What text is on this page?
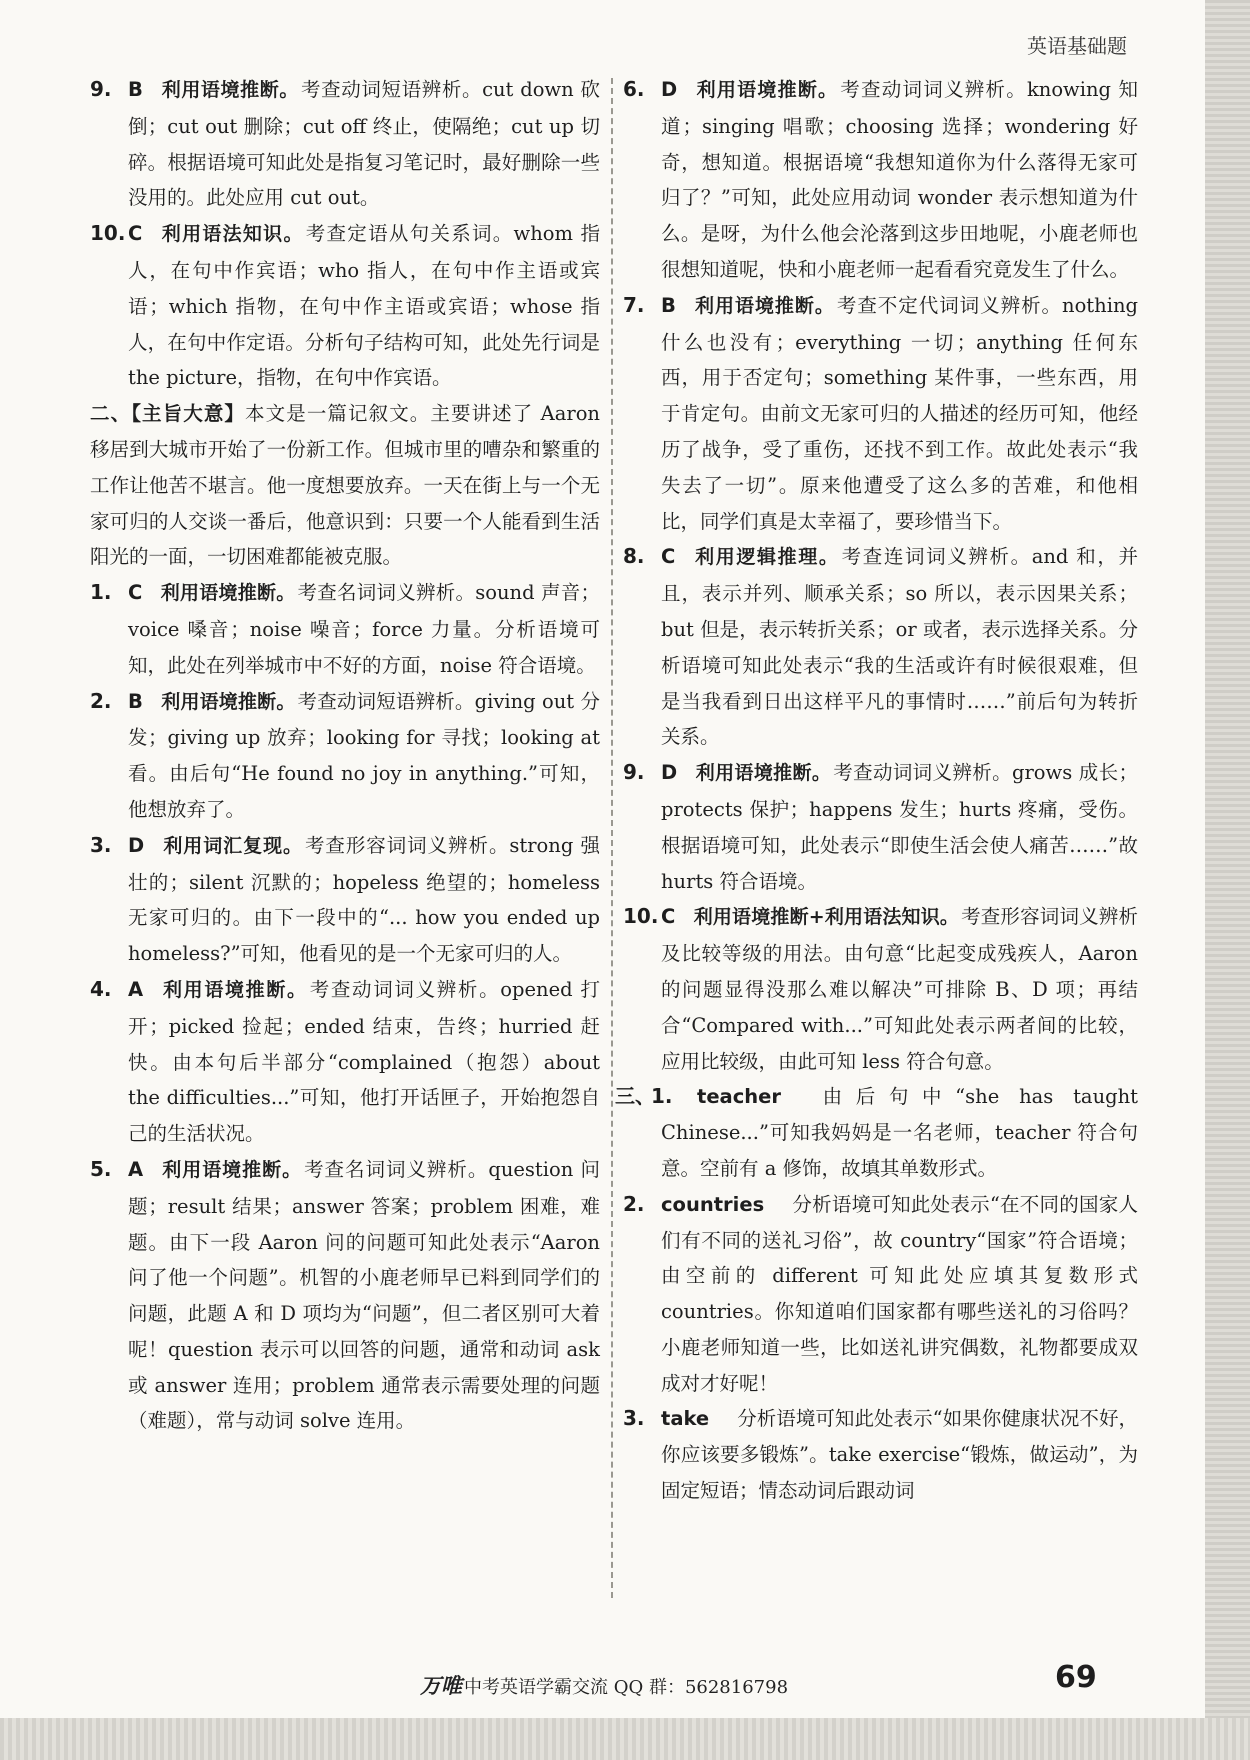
英语基础题

9. B 利用语境推断。 考查动词短语辨析。cut down 砍倒；cut out 删除；cut off 终止，使隔绝；cut up 切碎。根据语境可知此处是指复习笔记时，最好删除一些没用的。此处应用 cut out。

10. C 利用语法知识。 考查定语从句关系词。whom 指人，在句中作宾语；who 指人，在句中作主语或宾语；which 指物，在句中作主语或宾语；whose 指人，在句中作定语。分析句子结构可知，此处先行词是 the picture，指物，在句中作宾语。

二、【主旨大意】本文是一篇记叙文。主要讲述了 Aaron 移居到大城市开始了一份新工作。但城市里的嘈杂和繁重的工作让他苦不堪言。他一度想要放弃。一天在街上与一个无家可归的人交谈一番后，他意识到：只要一个人能看到生活阳光的一面，一切困难都能被克服。

1. C 利用语境推断。 考查名词词义辨析。sound 声音；voice 嗓音；noise 噪音；force 力量。分析语境可知，此处在列举城市中不好的方面，noise 符合语境。

2. B 利用语境推断。 考查动词短语辨析。giving out 分发；giving up 放弃；looking for 寻找；looking at 看。由后句“He found no joy in anything.”可知，他想放弃了。

3. D 利用词汇复现。 考查形容词词义辨析。strong 强壮的；silent 沉默的；hopeless 绝望的；homeless 无家可归的。由下一段中的“... how you ended up homeless?”可知，他看见的是一个无家可归的人。

4. A 利用语境推断。 考查动词词义辨析。opened 打开；picked 捡起；ended 结束，告终；hurried 赶快。由本句后半部分“complained（抱怨）about the difficulties...”可知，他打开话匣子，开始抱怨自己的生活状况。

5. A 利用语境推断。 考查名词词义辨析。question 问题；result 结果；answer 答案；problem 困难，难题。由下一段 Aaron 问的问题可知此处表示“Aaron 问了他一个问题”。机智的小鹿老师早已料到同学们的问题，此题 A 和 D 项均为“问题”，但二者区别可大着呢！question 表示可以回答的问题，通常和动词 ask 或 answer 连用；problem 通常表示需要处理的问题（难题），常与动词 solve 连用。

6. D 利用语境推断。 考查动词词义辨析。knowing 知道；singing 唱歌；choosing 选择；wondering 好奇，想知道。根据语境“我想知道你为什么落得无家可归了？”可知，此处应用动词 wonder 表示想知道为什么。是呀，为什么他会沦落到这步田地呢，小鹿老师也很想知道呢，快和小鹿老师一起看看究竟发生了什么。

7. B 利用语境推断。 考查不定代词词义辨析。nothing 什么也没有；everything 一切；anything 任何东西，用于否定句；something 某件事，一些东西，用于肯定句。由前文无家可归的人描述的经历可知，他经历了战争，受了重伤，还找不到工作。故此处表示“我失去了一切”。原来他遭受了这么多的苦难，和他相比，同学们真是太幸福了，要珍惜当下。

8. C 利用逻辑推理。 考查连词词义辨析。and 和，并且，表示并列、顺承关系；so 所以，表示因果关系；but 但是，表示转折关系；or 或者，表示选择关系。分析语境可知此处表示“我的生活或许有时候很艰难，但是当我看到日出这样平凡的事情时……”前后句为转折关系。

9. D 利用语境推断。 考查动词词义辨析。grows 成长；protects 保护；happens 发生；hurts 疼痛，受伤。根据语境可知，此处表示“即使生活会使人痛苦……”故 hurts 符合语境。

10. C 利用语境推断+利用语法知识。 考查形容词词义辨析及比较等级的用法。由句意“比起变成残疾人，Aaron 的问题显得没那么难以解决”可排除 B、D 项；再结合“Compared with...”可知此处表示两者间的比较，应用比较级，由此可知 less 符合句意。

三、
1. teacher 由后句中“she has taught Chinese...”可知我妈妈是一名老师，teacher 符合句意。空前有 a 修饰，故填其单数形式。

2. countries 分析语境可知此处表示“在不同的国家人们有不同的送礼习俗”，故 country“国家”符合语境；由空前的 different 可知此处应填其复数形式 countries。你知道咱们国家都有哪些送礼的习俗吗？小鹿老师知道一些，比如送礼讲究偶数，礼物都要成双成对才好呢！

3. take 分析语境可知此处表示“如果你健康状况不好，你应该要多锻炼”。take exercise“锻炼，做运动”，为固定短语；情态动词后跟动词

万唯 中考英语学霸交流 QQ 群：562816798	69
